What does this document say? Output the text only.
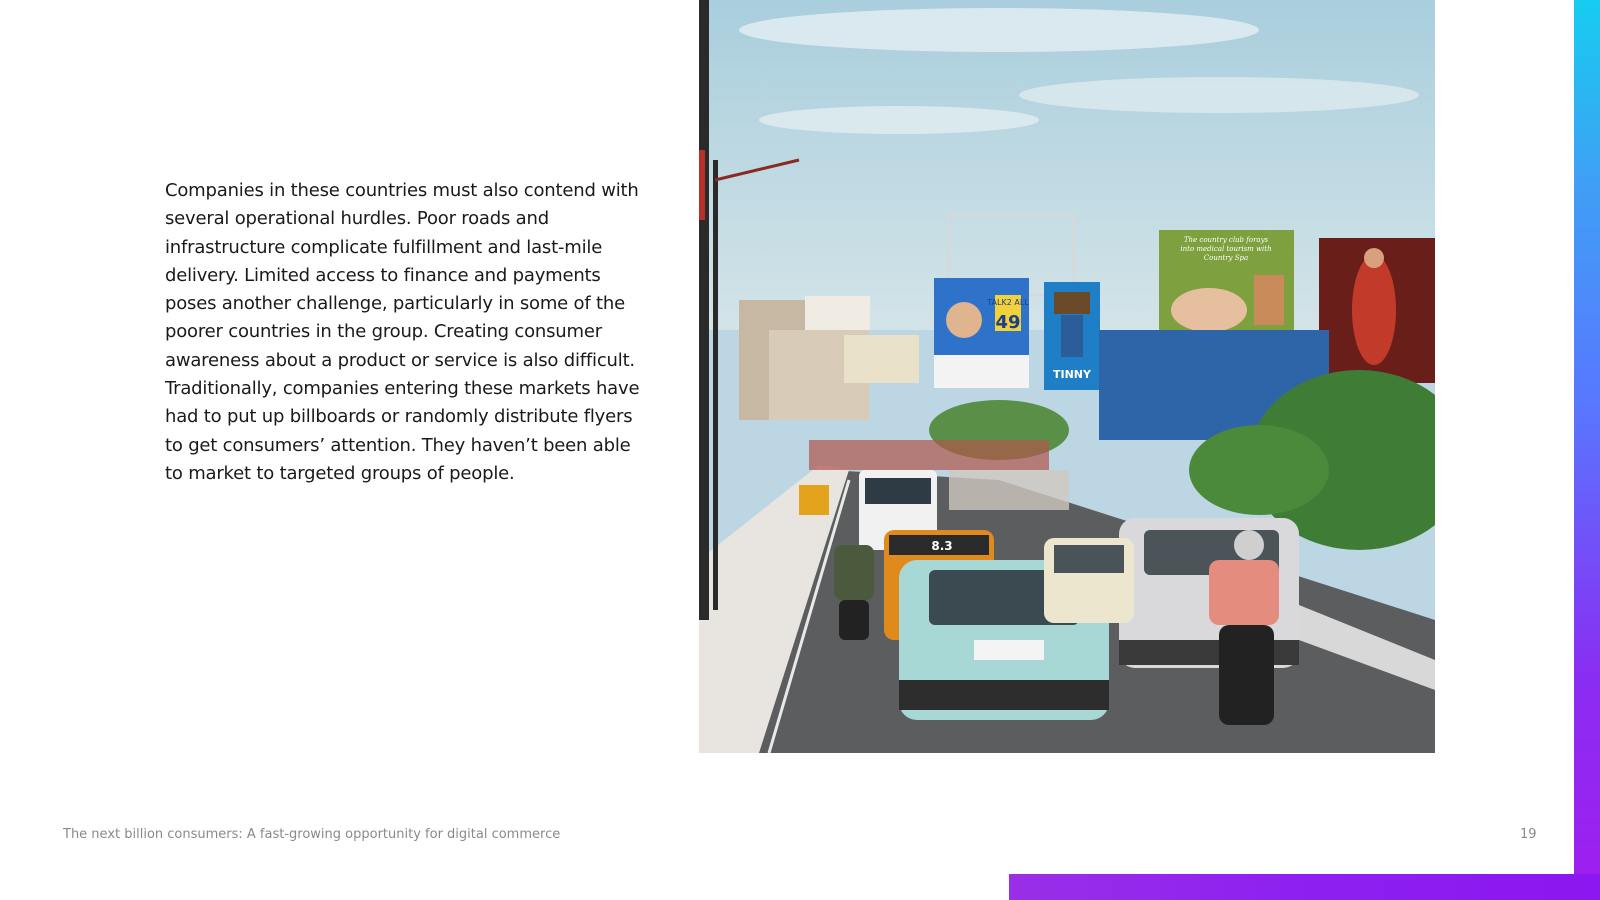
Companies in these countries must also contend with several operational hurdles. Poor roads and infrastructure complicate fulfillment and last-mile delivery. Limited access to finance and payments poses another challenge, particularly in some of the poorer countries in the group. Creating consumer awareness about a product or service is also difficult. Traditionally, companies entering these markets have had to put up billboards or randomly distribute flyers to get consumers’ attention. They haven’t been able to market to targeted groups of people.
TALK2 ALL
49
TINNY
The country club forays
into medical tourism with
Country Spa
8.3
The next billion consumers: A fast-growing opportunity for digital commerce	19
